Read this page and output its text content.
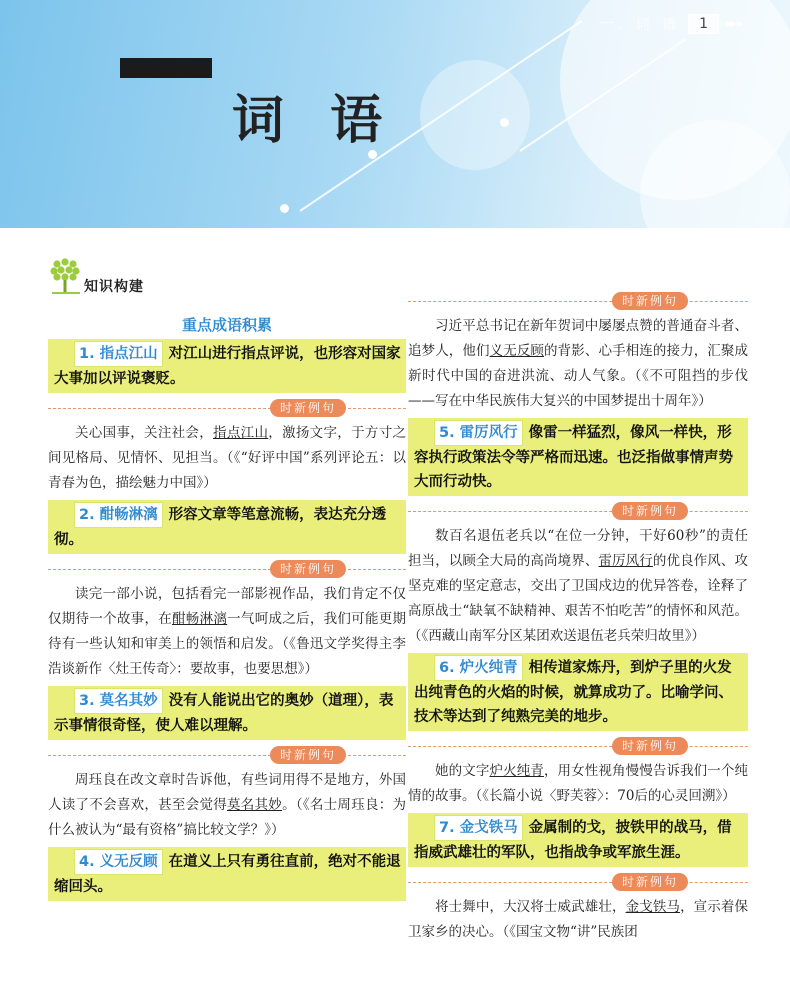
一、词 语	1
词 语
知识构建
重点成语积累
1. 指点江山 对江山进行指点评说，也形容对国家大事加以评说褒贬。
时新例句

关心国事，关注社会，指点江山，激扬文字，于方寸之间见格局、见情怀、见担当。（《“好评中国”系列评论五：以青春为色，描绘魅力中国》）

2. 酣畅淋漓 形容文章等笔意流畅，表达充分透彻。
时新例句

读完一部小说，包括看完一部影视作品，我们肯定不仅仅期待一个故事，在酣畅淋漓一气呵成之后，我们可能更期待有一些认知和审美上的领悟和启发。（《鲁迅文学奖得主李浩谈新作〈灶王传奇〉：要故事，也要思想》）

3. 莫名其妙 没有人能说出它的奥妙（道理），表示事情很奇怪，使人难以理解。
时新例句

周珏良在改文章时告诉他，有些词用得不是地方，外国人读了不会喜欢，甚至会觉得莫名其妙。（《名士周珏良：为什么被认为“最有资格”搞比较文学？》）

4. 义无反顾 在道义上只有勇往直前，绝对不能退缩回头。
时新例句

习近平总书记在新年贺词中屡屡点赞的普通奋斗者、追梦人，他们义无反顾的背影、心手相连的接力，汇聚成新时代中国的奋进洪流、动人气象。（《不可阻挡的步伐——写在中华民族伟大复兴的中国梦提出十周年》）

5. 雷厉风行 像雷一样猛烈，像风一样快，形容执行政策法令等严格而迅速。也泛指做事情声势大而行动快。
时新例句

数百名退伍老兵以“在位一分钟，干好60秒”的责任担当，以顾全大局的高尚境界、雷厉风行的优良作风、攻坚克难的坚定意志，交出了卫国戍边的优异答卷，诠释了高原战士“缺氧不缺精神、艰苦不怕吃苦”的情怀和风范。（《西藏山南军分区某团欢送退伍老兵荣归故里》）

6. 炉火纯青 相传道家炼丹，到炉子里的火发出纯青色的火焰的时候，就算成功了。比喻学问、技术等达到了纯熟完美的地步。
时新例句

她的文字炉火纯青，用女性视角慢慢告诉我们一个纯情的故事。（《长篇小说〈野芙蓉〉：70后的心灵回溯》）

7. 金戈铁马 金属制的戈，披铁甲的战马，借指威武雄壮的军队，也指战争或军旅生涯。
时新例句

将士舞中，大汉将士威武雄壮，金戈铁马，宣示着保卫家乡的决心。（《国宝文物“讲”民族团
